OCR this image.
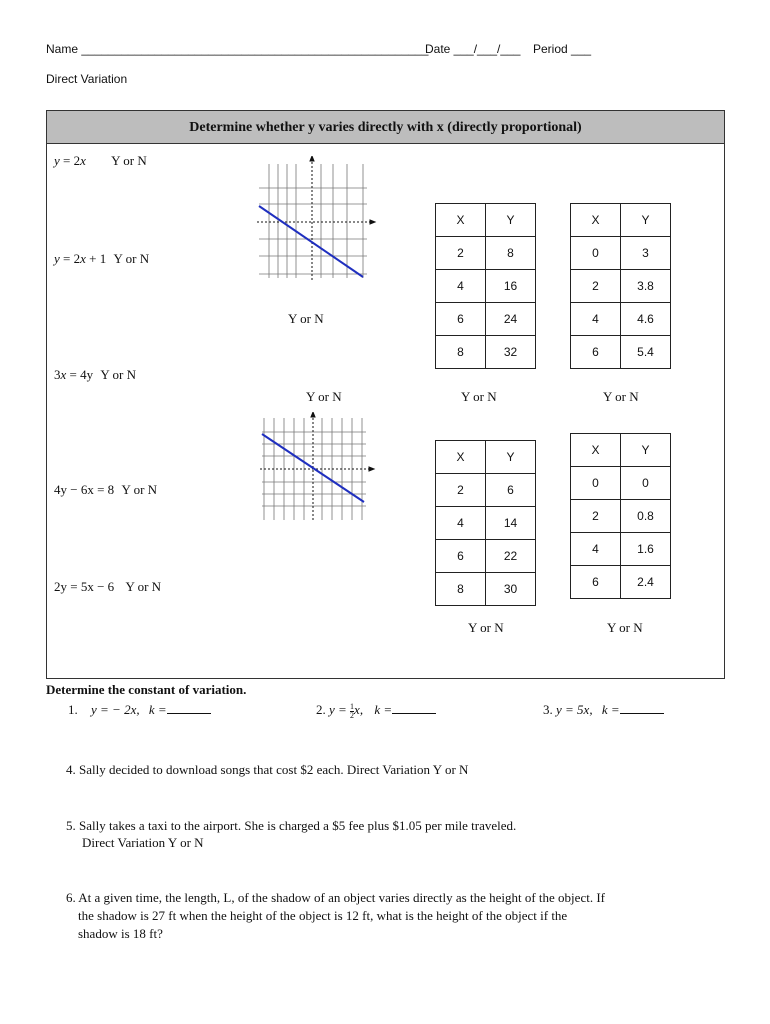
Name ____________________________________________________
Date ___/___/___ Period ___
Direct Variation
Determine whether y varies directly with x (directly proportional)
y = 2x Y or N
y = 2x + 1 Y or N
3x = 4y Y or N
4y − 6x = 8 Y or N
2y = 5x − 6 Y or N
Y or N
Y or N
X	Y
2	8
4	16
6	24
8	32
Y or N
X	Y
0	3
2	3.8
4	4.6
6	5.4
Y or N
X	Y
2	6
4	14
6	22
8	30
Y or N
X	Y
0	0
2	0.8
4	1.6
6	2.4
Y or N
Determine the constant of variation.
1. y = − 2x, k =	2. $y = \frac{1}{2} x$, k =	3. y = 5x, k =
4. Sally decided to download songs that cost $2 each. Direct Variation Y or N
5. Sally takes a taxi to the airport. She is charged a $5 fee plus $1.05 per mile traveled.
Direct Variation Y or N
6. At a given time, the length, L, of the shadow of an object varies directly as the height of the object. If
the shadow is 27 ft when the height of the object is 12 ft, what is the height of the object if the
shadow is 18 ft?
